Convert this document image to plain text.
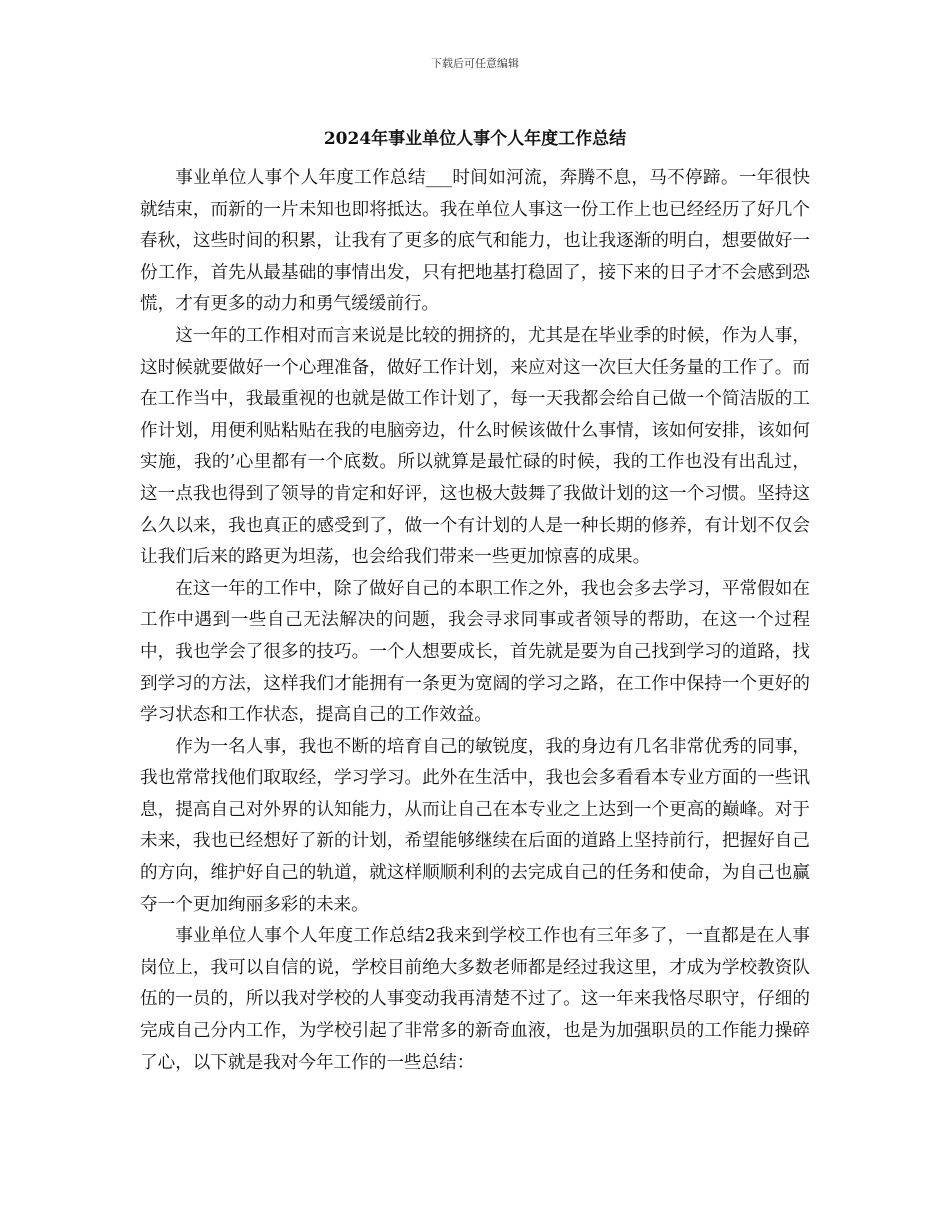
下载后可任意编辑
2024年事业单位人事个人年度工作总结

事业单位人事个人年度工作总结___时间如河流，奔腾不息，马不停蹄。一年很快就结束，而新的一片未知也即将抵达。我在单位人事这一份工作上也已经经历了好几个春秋，这些时间的积累，让我有了更多的底气和能力，也让我逐渐的明白，想要做好一份工作，首先从最基础的事情出发，只有把地基打稳固了，接下来的日子才不会感到恐慌，才有更多的动力和勇气缓缓前行。

这一年的工作相对而言来说是比较的拥挤的，尤其是在毕业季的时候，作为人事，这时候就要做好一个心理准备，做好工作计划，来应对这一次巨大任务量的工作了。而在工作当中，我最重视的也就是做工作计划了，每一天我都会给自己做一个简洁版的工作计划，用便利贴粘贴在我的电脑旁边，什么时候该做什么事情，该如何安排，该如何实施，我的’心里都有一个底数。所以就算是最忙碌的时候，我的工作也没有出乱过，这一点我也得到了领导的肯定和好评，这也极大鼓舞了我做计划的这一个习惯。坚持这么久以来，我也真正的感受到了，做一个有计划的人是一种长期的修养，有计划不仅会让我们后来的路更为坦荡，也会给我们带来一些更加惊喜的成果。

在这一年的工作中，除了做好自己的本职工作之外，我也会多去学习，平常假如在工作中遇到一些自己无法解决的问题，我会寻求同事或者领导的帮助，在这一个过程中，我也学会了很多的技巧。一个人想要成长，首先就是要为自己找到学习的道路，找到学习的方法，这样我们才能拥有一条更为宽阔的学习之路，在工作中保持一个更好的学习状态和工作状态，提高自己的工作效益。

作为一名人事，我也不断的培育自己的敏锐度，我的身边有几名非常优秀的同事，我也常常找他们取取经，学习学习。此外在生活中，我也会多看看本专业方面的一些讯息，提高自己对外界的认知能力，从而让自己在本专业之上达到一个更高的巅峰。对于未来，我也已经想好了新的计划，希望能够继续在后面的道路上坚持前行，把握好自己的方向，维护好自己的轨道，就这样顺顺利利的去完成自己的任务和使命，为自己也赢夺一个更加绚丽多彩的未来。

事业单位人事个人年度工作总结2我来到学校工作也有三年多了，一直都是在人事岗位上，我可以自信的说，学校目前绝大多数老师都是经过我这里，才成为学校教资队伍的一员的，所以我对学校的人事变动我再清楚不过了。这一年来我恪尽职守，仔细的完成自己分内工作，为学校引起了非常多的新奇血液，也是为加强职员的工作能力操碎了心，以下就是我对今年工作的一些总结：
